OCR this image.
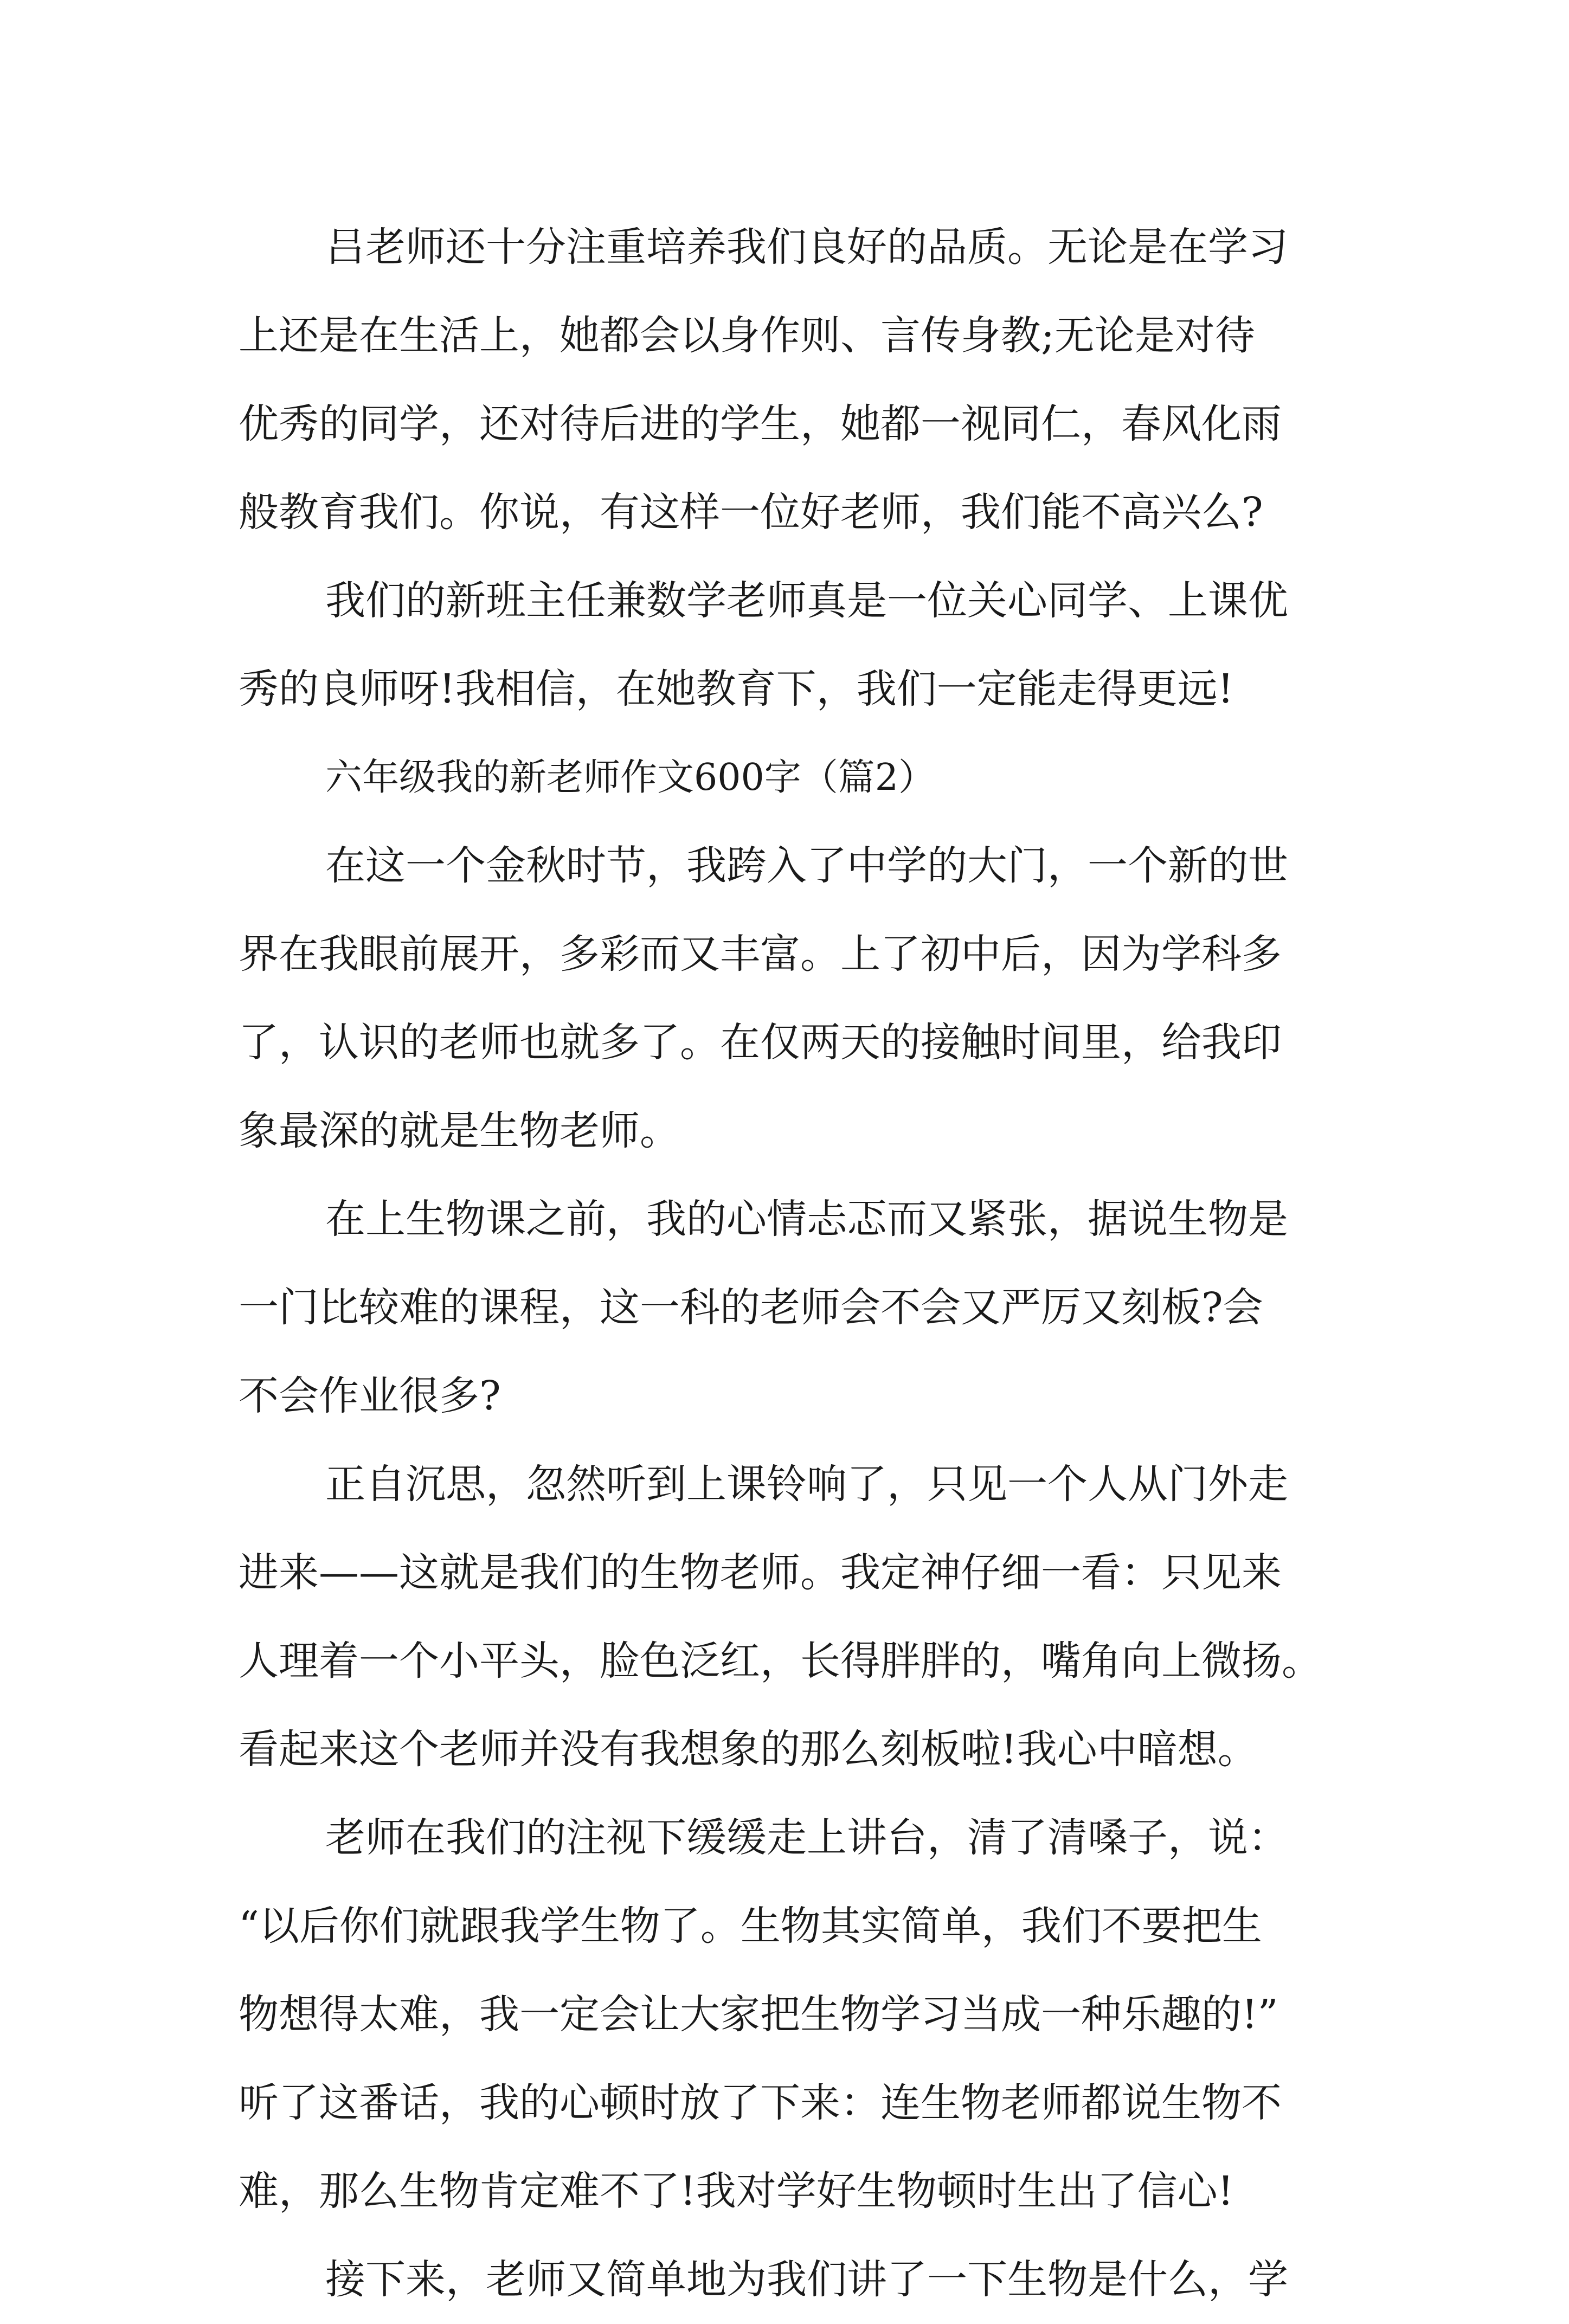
吕老师还十分注重培养我们良好的品质。无论是在学习
上还是在生活上，她都会以身作则、言传身教;无论是对待
优秀的同学，还对待后进的学生，她都一视同仁，春风化雨
般教育我们。你说，有这样一位好老师，我们能不高兴么?
我们的新班主任兼数学老师真是一位关心同学、上课优
秀的良师呀!我相信，在她教育下，我们一定能走得更远!
六年级我的新老师作文600字（篇2）
在这一个金秋时节，我跨入了中学的大门，一个新的世
界在我眼前展开，多彩而又丰富。上了初中后，因为学科多
了，认识的老师也就多了。在仅两天的接触时间里，给我印
象最深的就是生物老师。
在上生物课之前，我的心情忐忑而又紧张，据说生物是
一门比较难的课程，这一科的老师会不会又严厉又刻板?会
不会作业很多?
正自沉思，忽然听到上课铃响了，只见一个人从门外走
进来——这就是我们的生物老师。我定神仔细一看：只见来
人理着一个小平头，脸色泛红，长得胖胖的，嘴角向上微扬。
看起来这个老师并没有我想象的那么刻板啦!我心中暗想。
老师在我们的注视下缓缓走上讲台，清了清嗓子，说：
“以后你们就跟我学生物了。生物其实简单，我们不要把生
物想得太难，我一定会让大家把生物学习当成一种乐趣的!”
听了这番话，我的心顿时放了下来：连生物老师都说生物不
难，那么生物肯定难不了!我对学好生物顿时生出了信心!
接下来，老师又简单地为我们讲了一下生物是什么，学
